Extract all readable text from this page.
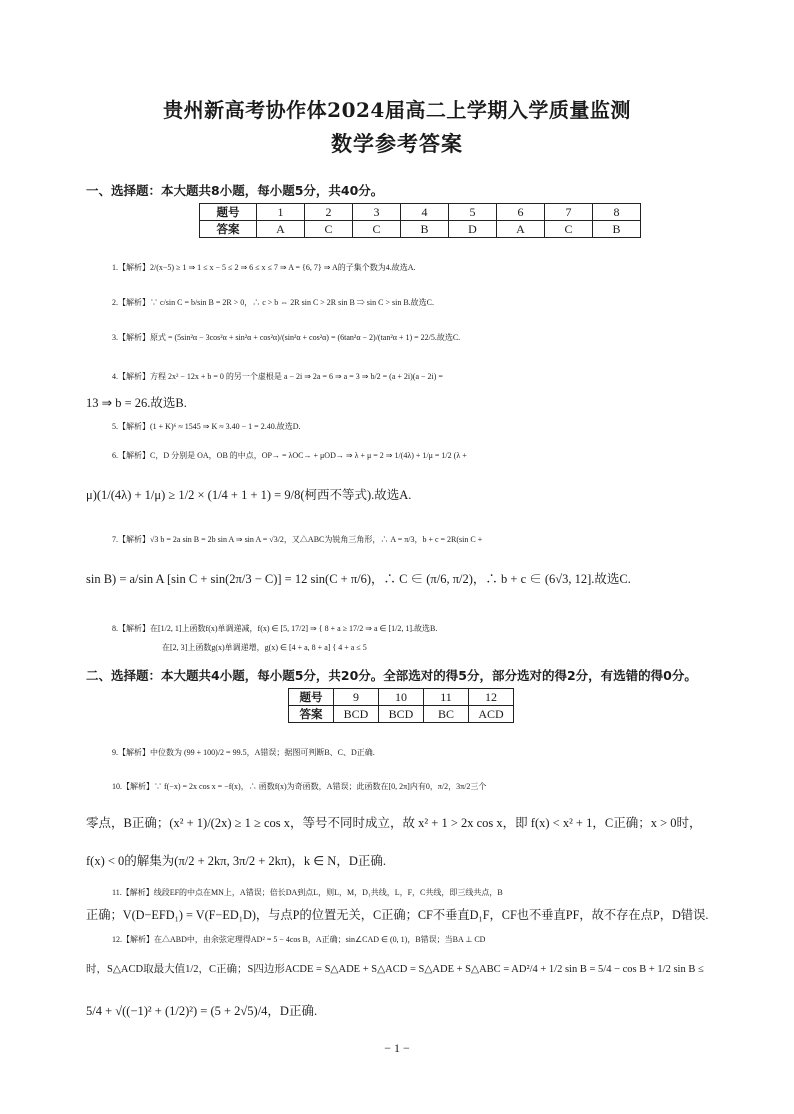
贵州新高考协作体2024届高二上学期入学质量监测
数学参考答案
一、选择题：本大题共8小题，每小题5分，共40分。
题号	1	2	3	4	5	6	7	8
答案	A	C	C	B	D	A	C	B
1.【解析】2/(x−5) ≥ 1 ⇒ 1 ≤ x − 5 ≤ 2 ⇒ 6 ≤ x ≤ 7 ⇒ A = {6, 7} ⇒ A的子集个数为4.故选A.
2.【解析】∵ c/sin C = b/sin B = 2R > 0，∴ c > b ⇔ 2R sin C > 2R sin B ⇒ sin C > sin B.故选C.
3.【解析】原式 = (5sin²α − 3cos²α + sin²α + cos²α)/(sin²α + cos²α) = (6tan²α − 2)/(tan²α + 1) = 22/5.故选C.
4.【解析】方程 2x² − 12x + b = 0 的另一个虚根是 a − 2i ⇒ 2a = 6 ⇒ a = 3 ⇒ b/2 = (a + 2i)(a − 2i) =
13 ⇒ b = 26.故选B.
5.【解析】(1 + K)⁶ ≈ 1545 ⇒ K ≈ 3.40 − 1 = 2.40.故选D.
6.【解析】C，D 分别是 OA，OB 的中点，OP→ = λOC→ + μOD→ ⇒ λ + μ = 2 ⇒ 1/(4λ) + 1/μ = 1/2 (λ +
μ)(1/(4λ) + 1/μ) ≥ 1/2 × (1/4 + 1 + 1) = 9/8(柯西不等式).故选A.
7.【解析】√3 b = 2a sin B = 2b sin A ⇒ sin A = √3/2，又△ABC为锐角三角形，∴ A = π/3，b + c = 2R(sin C +
sin B) = a/sin A [sin C + sin(2π/3 − C)] = 12 sin(C + π/6)，∴ C ∈ (π/6, π/2)，∴ b + c ∈ (6√3, 12].故选C.
8.【解析】在[1/2, 1]上函数f(x)单调递减，f(x) ∈ [5, 17/2] ⇒ { 8 + a ≥ 17/2 ⇒ a ∈ [1/2, 1].故选B.
在[2, 3]上函数g(x)单调递增，g(x) ∈ [4 + a, 8 + a] { 4 + a ≤ 5
二、选择题：本大题共4小题，每小题5分，共20分。全部选对的得5分，部分选对的得2分，有选错的得0分。
题号	9	10	11	12
答案	BCD	BCD	BC	ACD
9.【解析】中位数为 (99 + 100)/2 = 99.5，A错误；据图可判断B、C、D正确.
10.【解析】∵ f(−x) = 2x cos x = −f(x)，∴ 函数f(x)为奇函数，A错误；此函数在[0, 2π]内有0，π/2，3π/2三个
零点，B正确；(x² + 1)/(2x) ≥ 1 ≥ cos x，等号不同时成立，故 x² + 1 > 2x cos x，即 f(x) < x² + 1，C正确；x > 0时，
f(x) < 0的解集为(π/2 + 2kπ, 3π/2 + 2kπ)，k ∈ N，D正确.
11.【解析】线段EF的中点在MN上，A错误；倍长DA到点L，则L，M，D₁共线，L，F，C共线，即三线共点，B
正确；V(D−EFD₁) = V(F−ED₁D)，与点P的位置无关，C正确；CF不垂直D₁F，CF也不垂直PF，故不存在点P，D错误.
12.【解析】在△ABD中，由余弦定理得AD² = 5 − 4cos B，A正确；sin∠CAD ∈ (0, 1)，B错误；当BA ⊥ CD
时，S△ACD取最大值1/2，C正确；S四边形ACDE = S△ADE + S△ACD = S△ADE + S△ABC = AD²/4 + 1/2 sin B = 5/4 − cos B + 1/2 sin B ≤
5/4 + √((−1)² + (1/2)²) = (5 + 2√5)/4，D正确.
− 1 −
